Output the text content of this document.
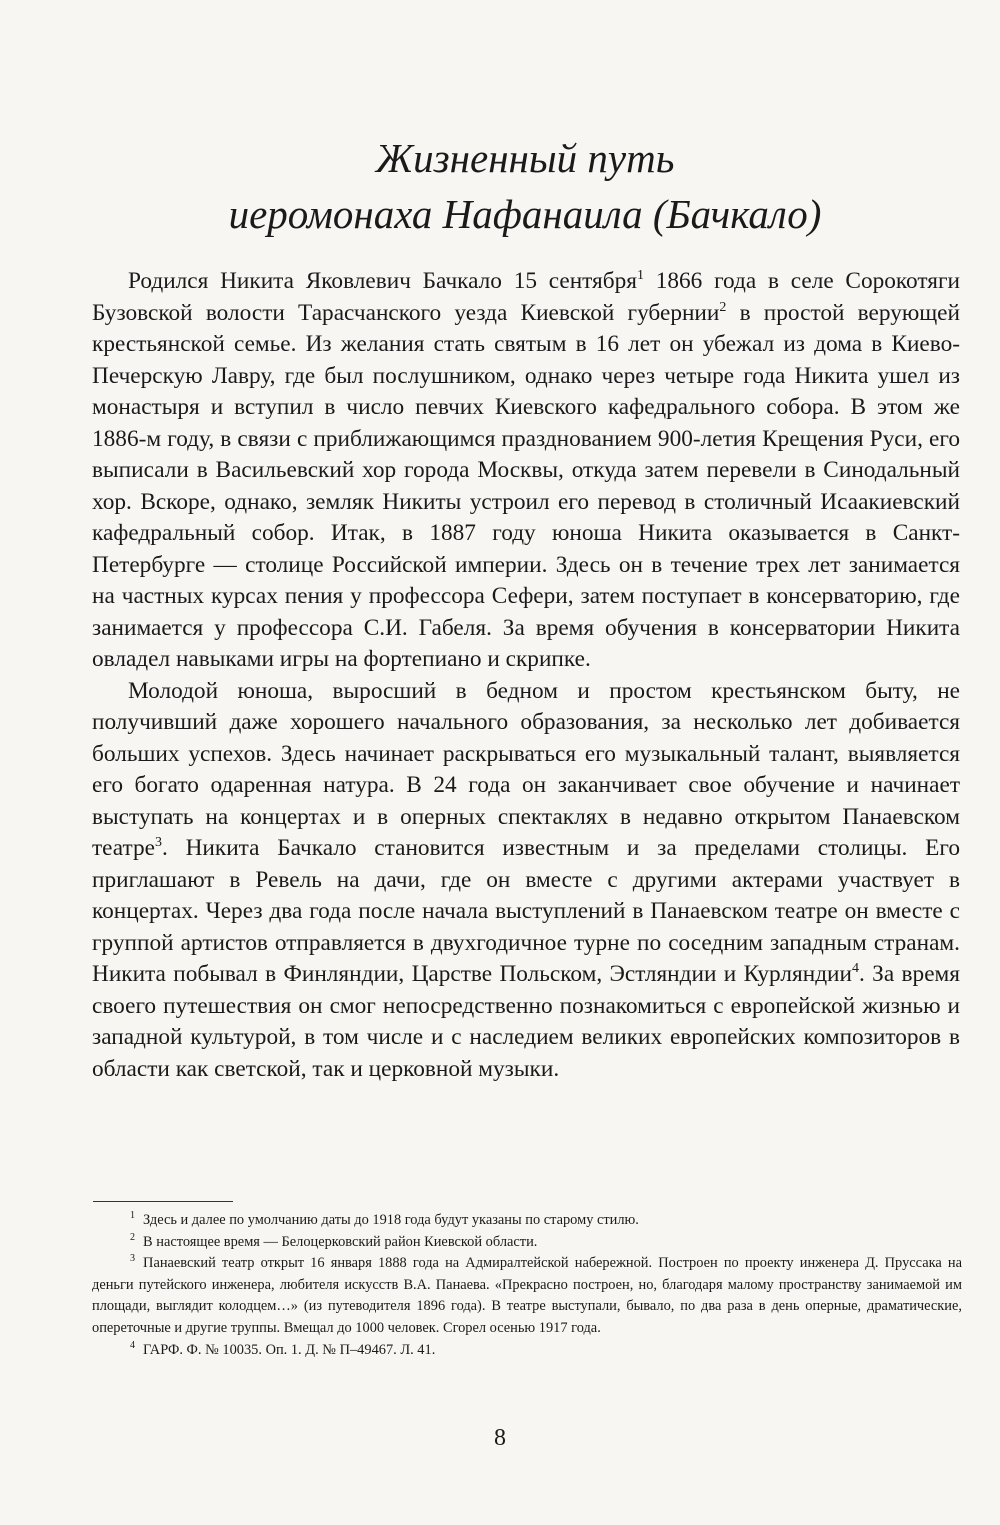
Жизненный путь
иеромонаха Нафанаила (Бачкало)

Родился Никита Яковлевич Бачкало 15 сентября$^1$ 1866 года в селе Сорокотяги Бузовской волости Тарасчанского уезда Киевской губернии$^2$ в простой верующей крестьянской семье. Из желания стать святым в 16 лет он убежал из дома в Киево-Печерскую Лавру, где был послушником, однако через четыре года Никита ушел из монастыря и вступил в число певчих Киевского кафедрального собора. В этом же 1886-м году, в связи с приближающимся празднованием 900-летия Крещения Руси, его выписали в Васильевский хор города Москвы, откуда затем перевели в Синодальный хор. Вскоре, однако, земляк Никиты устроил его перевод в столичный Исаакиевский кафедральный собор. Итак, в 1887 году юноша Никита оказывается в Санкт-Петербурге — столице Российской империи. Здесь он в течение трех лет занимается на частных курсах пения у профессора Сефери, затем поступает в консерваторию, где занимается у профессора С.И. Габеля. За время обучения в консерватории Никита овладел навыками игры на фортепиано и скрипке.

Молодой юноша, выросший в бедном и простом крестьянском быту, не получивший даже хорошего начального образования, за несколько лет добивается больших успехов. Здесь начинает раскрываться его музыкальный талант, выявляется его богато одаренная натура. В 24 года он заканчивает свое обучение и начинает выступать на концертах и в оперных спектаклях в недавно открытом Панаевском театре$^3$. Никита Бачкало становится известным и за пределами столицы. Его приглашают в Ревель на дачи, где он вместе с другими актерами участвует в концертах. Через два года после начала выступлений в Панаевском театре он вместе с группой артистов отправляется в двухгодичное турне по соседним западным странам. Никита побывал в Финляндии, Царстве Польском, Эстляндии и Курляндии$^4$. За время своего путешествия он смог непосредственно познакомиться с европейской жизнью и западной культурой, в том числе и с наследием великих европейских композиторов в области как светской, так и церковной музыки.

$^1$ Здесь и далее по умолчанию даты до 1918 года будут указаны по старому стилю.

$^2$ В настоящее время — Белоцерковский район Киевской области.

$^3$ Панаевский театр открыт 16 января 1888 года на Адмиралтейской набережной. Построен по проекту инженера Д. Пруссака на деньги путейского инженера, любителя искусств В.А. Панаева. «Прекрасно построен, но, благодаря малому пространству занимаемой им площади, выглядит колодцем…» (из путеводителя 1896 года). В театре выступали, бывало, по два раза в день оперные, драматические, опереточные и другие труппы. Вмещал до 1000 человек. Сгорел осенью 1917 года.

$^4$ ГАРФ. Ф. № 10035. Оп. 1. Д. № П–49467. Л. 41.

8
